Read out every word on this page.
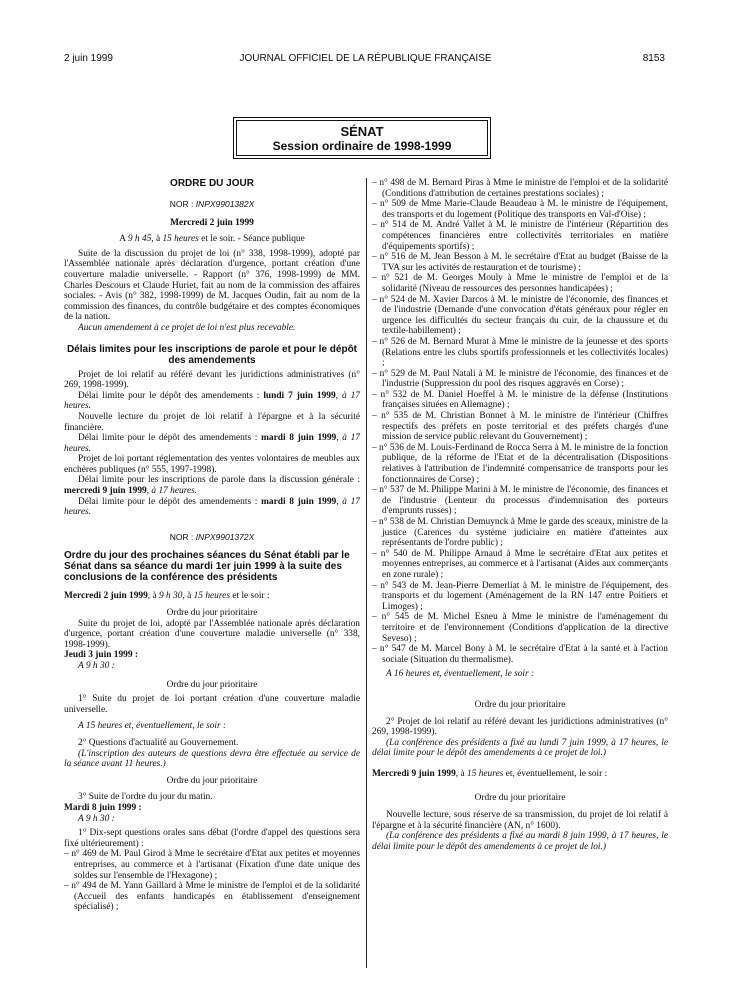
2 juin 1999	JOURNAL OFFICIEL DE LA RÉPUBLIQUE FRANÇAISE	8153
SÉNAT
Session ordinaire de 1998-1999

ORDRE DU JOUR

NOR : INPX9901382X

Mercredi 2 juin 1999

A 9 h 45, à 15 heures et le soir. - Séance publique

Suite de la discussion du projet de loi (n° 338, 1998-1999), adopté par l'Assemblée nationale après déclaration d'urgence, portant création d'une couverture maladie universelle. - Rapport (n° 376, 1998-1999) de MM. Charles Descours et Claude Huriet, fait au nom de la commission des affaires sociales. - Avis (n° 382, 1998-1999) de M. Jacques Oudin, fait au nom de la commission des finances, du contrôle budgétaire et des comptes économiques de la nation.

Aucun amendement à ce projet de loi n'est plus recevable.

Délais limites pour les inscriptions de parole et pour le dépôt des amendements

Projet de loi relatif au référé devant les juridictions administratives (n° 269, 1998-1999).

Délai limite pour le dépôt des amendements : lundi 7 juin 1999, à 17 heures.

Nouvelle lecture du projet de loi relatif à l'épargne et à la sécurité financière.

Délai limite pour le dépôt des amendements : mardi 8 juin 1999, à 17 heures.

Projet de loi portant réglementation des ventes volontaires de meubles aux enchères publiques (n° 555, 1997-1998).

Délai limite pour les inscriptions de parole dans la discussion générale : mercredi 9 juin 1999, à 17 heures.

Délai limite pour le dépôt des amendements : mardi 8 juin 1999, à 17 heures.

NOR : INPX9901372X

Ordre du jour des prochaines séances du Sénat établi par le Sénat dans sa séance du mardi 1er juin 1999 à la suite des conclusions de la conférence des présidents

Mercredi 2 juin 1999, à 9 h 30, à 15 heures et le soir :

Ordre du jour prioritaire

Suite du projet de loi, adopté par l'Assemblée nationale après déclaration d'urgence, portant création d'une couverture maladie universelle (n° 338, 1998-1999).

Jeudi 3 juin 1999 :

A 9 h 30 :

Ordre du jour prioritaire

1° Suite du projet de loi portant création d'une couverture maladie universelle.

A 15 heures et, éventuellement, le soir :

2° Questions d'actualité au Gouvernement.

(L'inscription des auteurs de questions devra être effectuée au service de la séance avant 11 heures.)

Ordre du jour prioritaire

3° Suite de l'ordre du jour du matin.

Mardi 8 juin 1999 :

A 9 h 30 :

1° Dix-sept questions orales sans débat (l'ordre d'appel des questions sera fixé ultérieurement) :

– n° 469 de M. Paul Girod à Mme le secrétaire d'Etat aux petites et moyennes entreprises, au commerce et à l'artisanat (Fixation d'une date unique des soldes sur l'ensemble de l'Hexagone) ;

– n° 494 de M. Yann Gaillard à Mme le ministre de l'emploi et de la solidarité (Accueil des enfants handicapés en établissement d'enseignement spécialisé) ;

– n° 498 de M. Bernard Piras à Mme le ministre de l'emploi et de la solidarité (Conditions d'attribution de certaines prestations sociales) ;

– n° 509 de Mme Marie-Claude Beaudeau à M. le ministre de l'équipement, des transports et du logement (Politique des transports en Val-d'Oise) ;

– n° 514 de M. André Vallet à M. le ministre de l'intérieur (Répartition des compétences financières entre collectivités territoriales en matière d'équipements sportifs) ;

– n° 516 de M. Jean Besson à M. le secrétaire d'Etat au budget (Baisse de la TVA sur les activités de restauration et de tourisme) ;

– n° 521 de M. Georges Mouly à Mme le ministre de l'emploi et de la solidarité (Niveau de ressources des personnes handicapées) ;

– n° 524 de M. Xavier Darcos à M. le ministre de l'économie, des finances et de l'industrie (Demande d'une convocation d'états généraux pour régler en urgence les difficultés du secteur français du cuir, de la chaussure et du textile-habillement) ;

– n° 526 de M. Bernard Murat à Mme le ministre de la jeunesse et des sports (Relations entre les clubs sportifs professionnels et les collectivités locales) ;

– n° 529 de M. Paul Natali à M. le ministre de l'économie, des finances et de l'industrie (Suppression du pool des risques aggravés en Corse) ;

– n° 532 de M. Daniel Hoeffel à M. le ministre de la défense (Institutions françaises situées en Allemagne) ;

– n° 535 de M. Christian Bonnet à M. le ministre de l'intérieur (Chiffres respectifs des préfets en poste territorial et des préfets chargés d'une mission de service public relevant du Gouvernement) ;

– n° 536 de M. Louis-Ferdinand de Rocca Serra à M. le ministre de la fonction publique, de la réforme de l'Etat et de la décentralisation (Dispositions relatives à l'attribution de l'indemnité compensatrice de transports pour les fonctionnaires de Corse) ;

– n° 537 de M. Philippe Marini à M. le ministre de l'économie, des finances et de l'industrie (Lenteur du processus d'indemnisation des porteurs d'emprunts russes) ;

– n° 538 de M. Christian Demuynck à Mme le garde des sceaux, ministre de la justice (Carences du système judiciaire en matière d'atteintes aux représentants de l'ordre public) ;

– n° 540 de M. Philippe Arnaud à Mme le secrétaire d'Etat aux petites et moyennes entreprises, au commerce et à l'artisanat (Aides aux commerçants en zone rurale) ;

– n° 543 de M. Jean-Pierre Demerliat à M. le ministre de l'équipement, des transports et du logement (Aménagement de la RN 147 entre Poitiers et Limoges) ;

– n° 545 de M. Michel Esneu à Mme le ministre de l'aménagement du territoire et de l'environnement (Conditions d'application de la directive Seveso) ;

– n° 547 de M. Marcel Bony à M. le secrétaire d'Etat à la santé et à l'action sociale (Situation du thermalisme).

A 16 heures et, éventuellement, le soir :

Ordre du jour prioritaire

2° Projet de loi relatif au référé devant les juridictions administratives (n° 269, 1998-1999).

(La conférence des présidents a fixé au lundi 7 juin 1999, à 17 heures, le délai limite pour le dépôt des amendements à ce projet de loi.)

Mercredi 9 juin 1999, à 15 heures et, éventuellement, le soir :

Ordre du jour prioritaire

Nouvelle lecture, sous réserve de sa transmission, du projet de loi relatif à l'épargne et à la sécurité financière (AN, n° 1600).

(La conférence des présidents a fixé au mardi 8 juin 1999, à 17 heures, le délai limite pour le dépôt des amendements à ce projet de loi.)
